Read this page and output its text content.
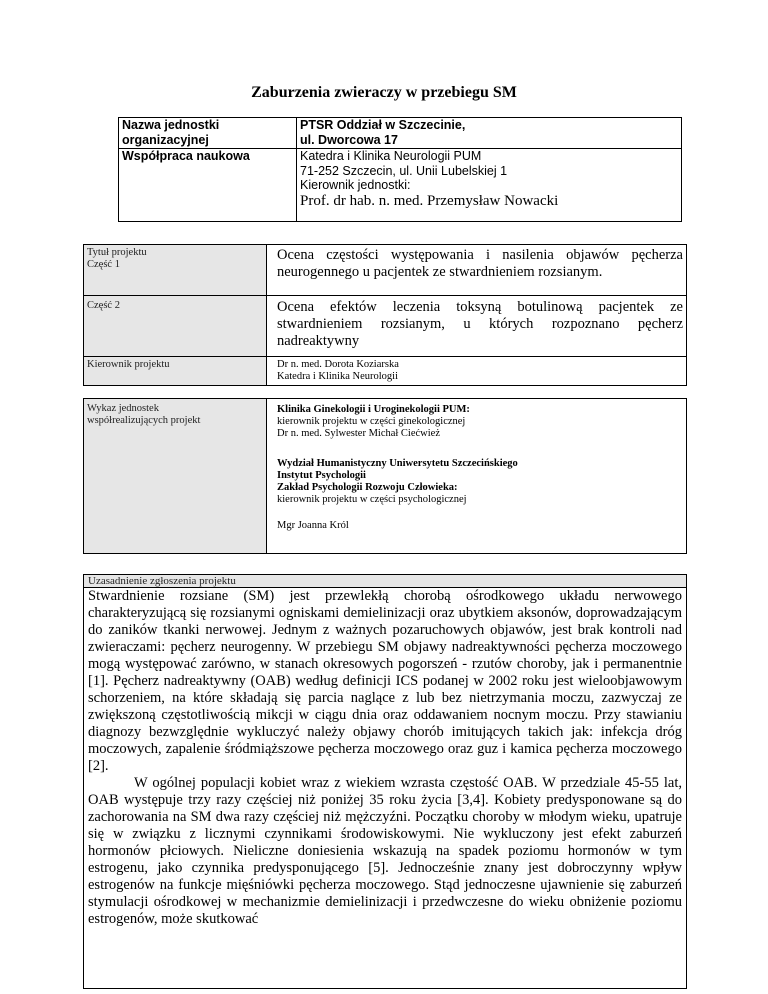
Zaburzenia zwieraczy w przebiegu SM
Nazwa jednostki organizacyjnej	PTSR Oddział w Szczecinie,
ul. Dworcowa 17

Współpraca naukowa	Katedra i Klinika Neurologii PUM
71-252 Szczecin, ul. Unii Lubelskiej 1
Kierownik jednostki:
Prof. dr hab. n. med. Przemysław Nowacki
Tytuł projektu
Część 1	Ocena częstości występowania i nasilenia objawów pęcherza neurogennego u pacjentek ze stwardnieniem rozsianym.

Część 2	Ocena efektów leczenia toksyną botulinową pacjentek ze stwardnieniem rozsianym, u których rozpoznano pęcherz nadreaktywny

Kierownik projektu	Dr n. med. Dorota Koziarska
Katedra i Klinika Neurologii
Wykaz jednostek
współrealizujących projekt

Klinika Ginekologii i Uroginekologii PUM:
kierownik projektu w części ginekologicznej
Dr n. med. Sylwester Michał Ciećwież
Wydział Humanistyczny Uniwersytetu Szczecińskiego
Instytut Psychologii
Zakład Psychologii Rozwoju Człowieka:
kierownik projektu w części psychologicznej
Mgr Joanna Król
Uzasadnienie zgłoszenia projektu

Stwardnienie rozsiane (SM) jest przewlekłą chorobą ośrodkowego układu nerwowego charakteryzującą się rozsianymi ogniskami demielinizacji oraz ubytkiem aksonów, doprowadzającym do zaników tkanki nerwowej. Jednym z ważnych pozaruchowych objawów, jest brak kontroli nad zwieraczami: pęcherz neurogenny. W przebiegu SM objawy nadreaktywności pęcherza moczowego mogą występować zarówno, w stanach okresowych pogorszeń - rzutów choroby, jak i permanentnie [1]. Pęcherz nadreaktywny (OAB) według definicji ICS podanej w 2002 roku jest wieloobjawowym schorzeniem, na które składają się parcia naglące z lub bez nietrzymania moczu, zazwyczaj ze zwiększoną częstotliwością mikcji w ciągu dnia oraz oddawaniem nocnym moczu. Przy stawianiu diagnozy bezwzględnie wykluczyć należy objawy chorób imitujących takich jak: infekcja dróg moczowych, zapalenie śródmiąższowe pęcherza moczowego oraz guz i kamica pęcherza moczowego [2].

W ogólnej populacji kobiet wraz z wiekiem wzrasta częstość OAB. W przedziale 45-55 lat, OAB występuje trzy razy częściej niż poniżej 35 roku życia [3,4]. Kobiety predysponowane są do zachorowania na SM dwa razy częściej niż mężczyźni. Początku choroby w młodym wieku, upatruje się w związku z licznymi czynnikami środowiskowymi. Nie wykluczony jest efekt zaburzeń hormonów płciowych. Nieliczne doniesienia wskazują na spadek poziomu hormonów w tym estrogenu, jako czynnika predysponującego [5]. Jednocześnie znany jest dobroczynny wpływ estrogenów na funkcje mięśniówki pęcherza moczowego. Stąd jednoczesne ujawnienie się zaburzeń stymulacji ośrodkowej w mechanizmie demielinizacji i przedwczesne do wieku obniżenie poziomu estrogenów, może skutkować
